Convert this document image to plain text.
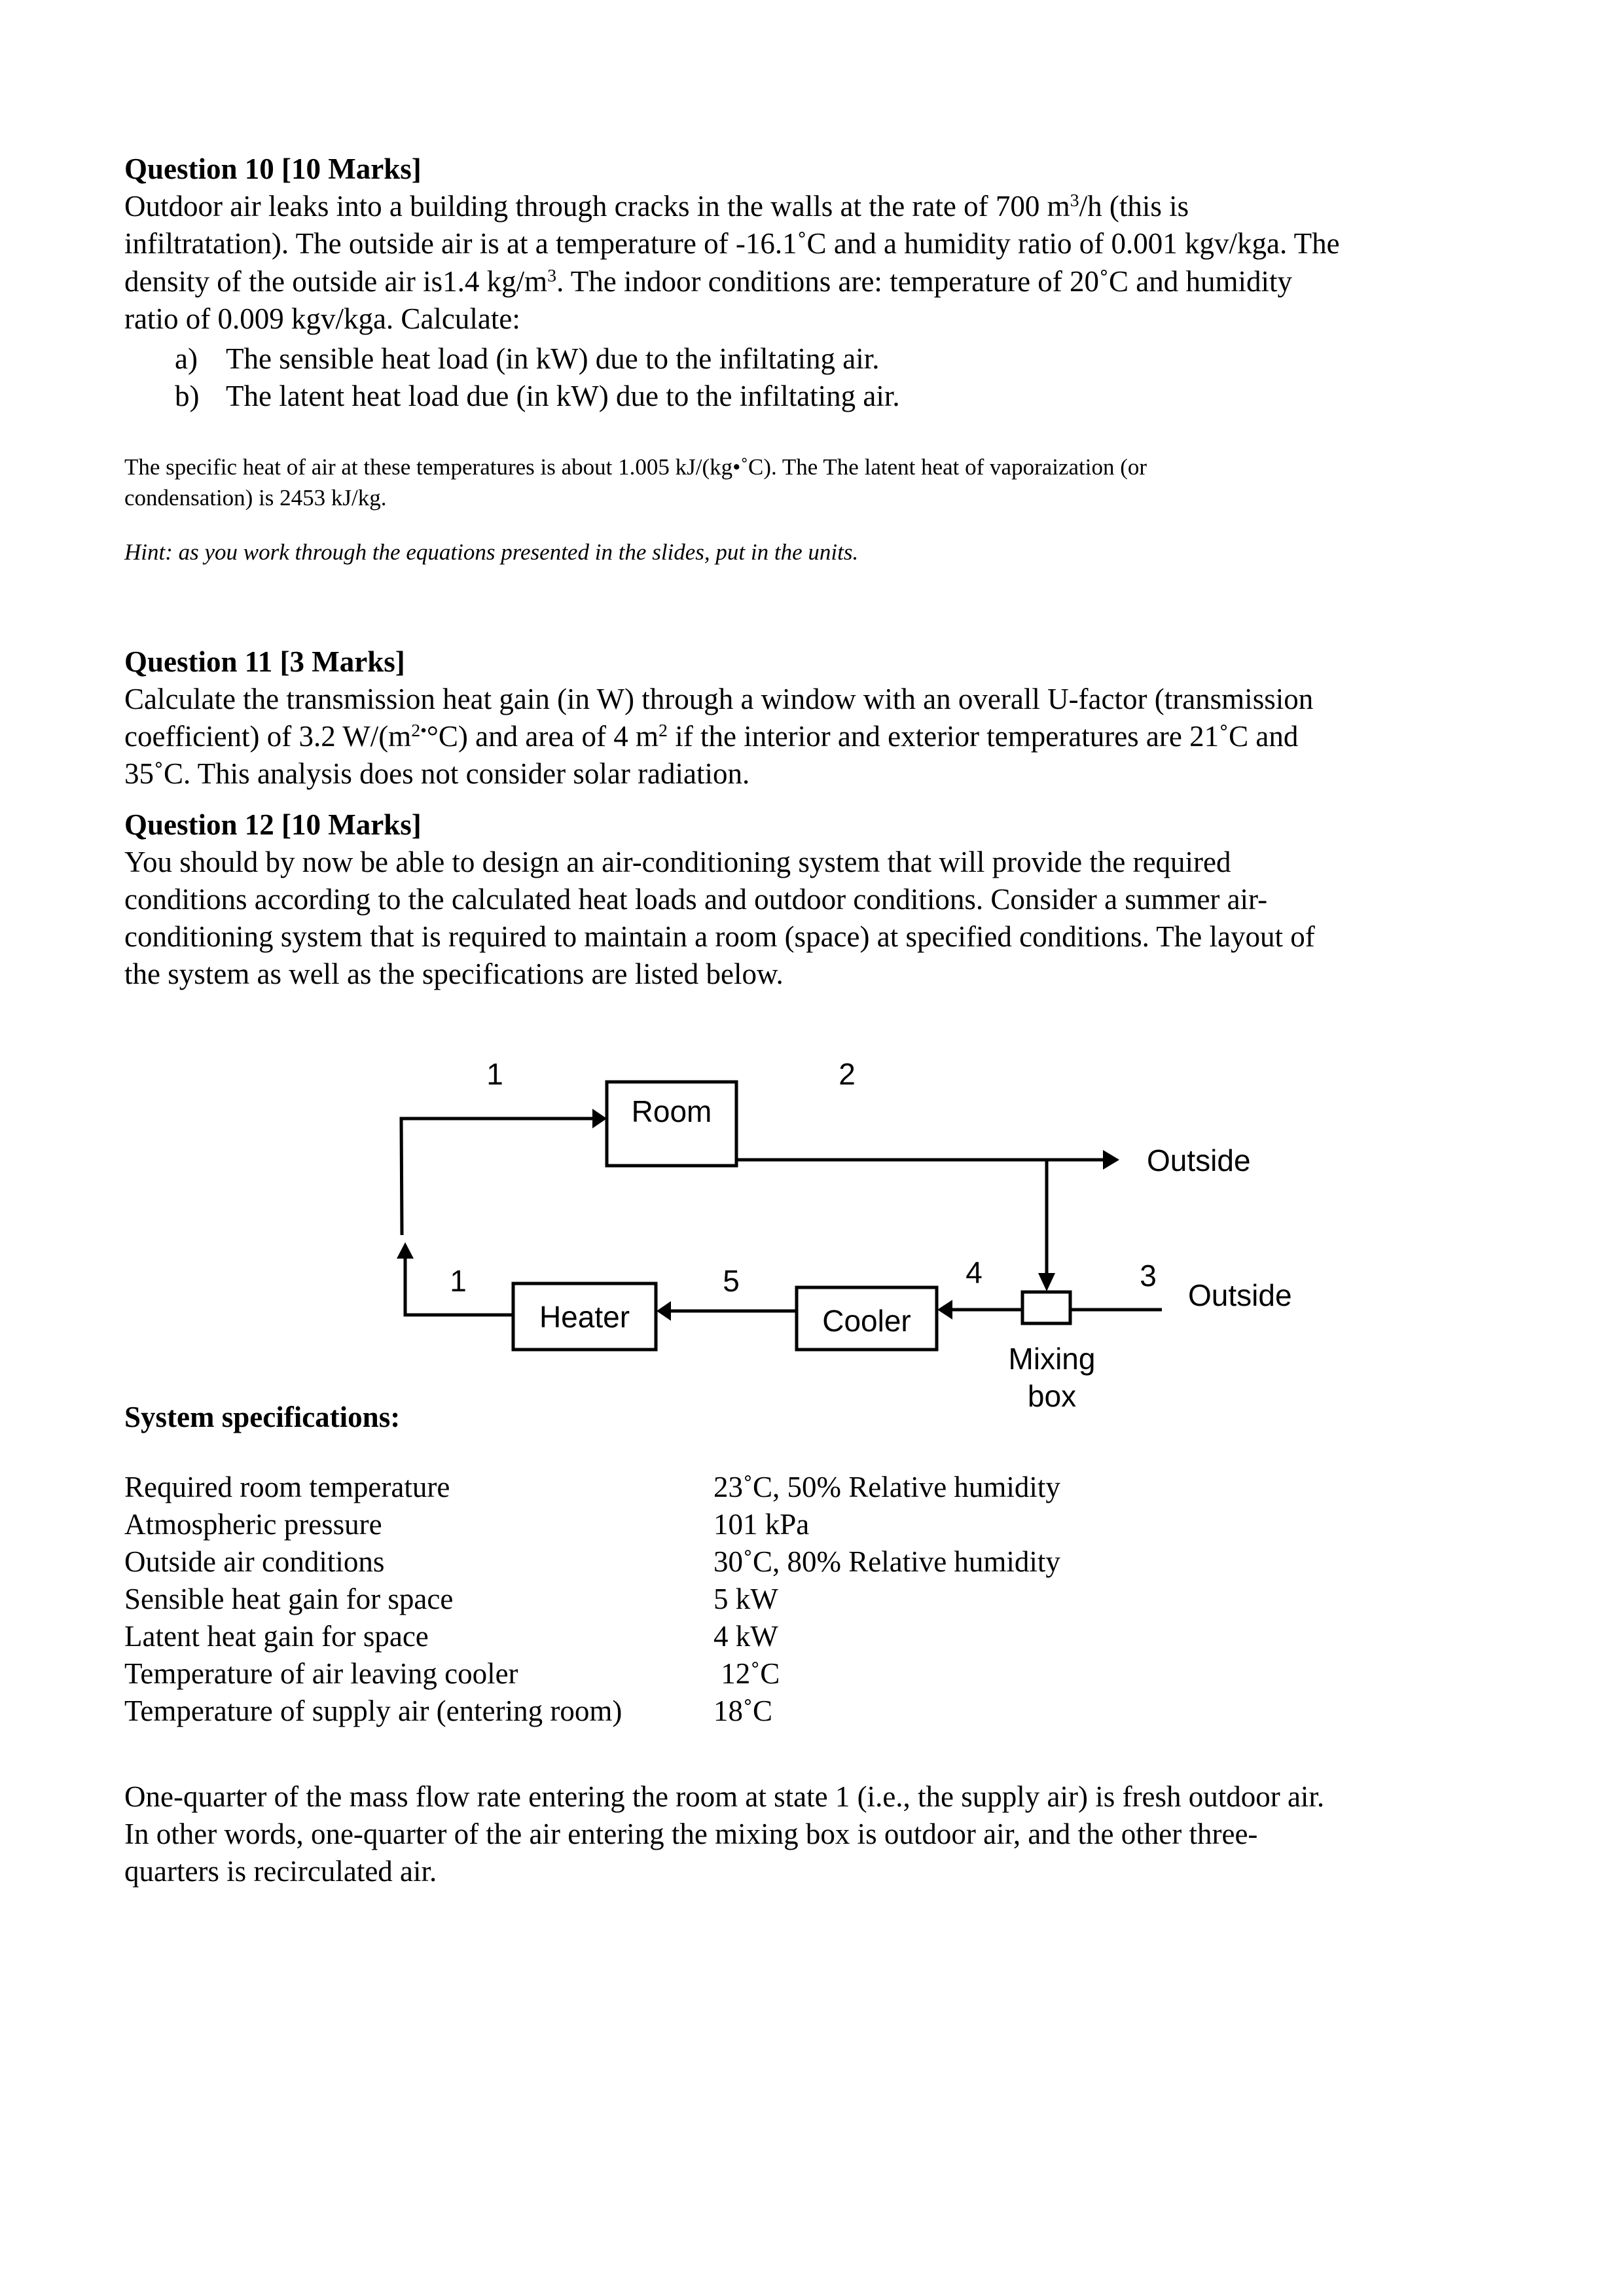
Question 10 [10 Marks]
Outdoor air leaks into a building through cracks in the walls at the rate of 700 $m^3/h$ (this is
infiltratation). The outside air is at a temperature of -16.1˚C and a humidity ratio of 0.001 kgv/kga. The
density of the outside air is1.4 $kg/m^3$. The indoor conditions are: temperature of 20˚C and humidity
ratio of 0.009 kgv/kga. Calculate:
a) The sensible heat load (in kW) due to the infiltating air.
b) The latent heat load due (in kW) due to the infiltating air.
The specific heat of air at these temperatures is about 1.005 kJ/(kg•˚C). The The latent heat of vaporaization (or
condensation) is 2453 kJ/kg.
Hint: as you work through the equations presented in the slides, put in the units.
Question 11 [3 Marks]
Calculate the transmission heat gain (in W) through a window with an overall U-factor (transmission
coefficient) of 3.2 $W/(m^{2•}^\circ C)$ and area of 4 $m^2$ if the interior and exterior temperatures are 21˚C and
35˚C. This analysis does not consider solar radiation.
Question 12 [10 Marks]
You should by now be able to design an air-conditioning system that will provide the required
conditions according to the calculated heat loads and outdoor conditions. Consider a summer air-
conditioning system that is required to maintain a room (space) at specified conditions. The layout of
the system as well as the specifications are listed below.
Room
Heater	Cooler
Mixing
box
Outside
Outside
1	2
1	5	4	3
System specifications:
Required room temperature	23˚C, 50% Relative humidity
Atmospheric pressure	101 kPa
Outside air conditions	30˚C, 80% Relative humidity
Sensible heat gain for space	5 kW
Latent heat gain for space	4 kW
Temperature of air leaving cooler	12˚C
Temperature of supply air (entering room)	18˚C
One-quarter of the mass flow rate entering the room at state 1 (i.e., the supply air) is fresh outdoor air.
In other words, one-quarter of the air entering the mixing box is outdoor air, and the other three-
quarters is recirculated air.
